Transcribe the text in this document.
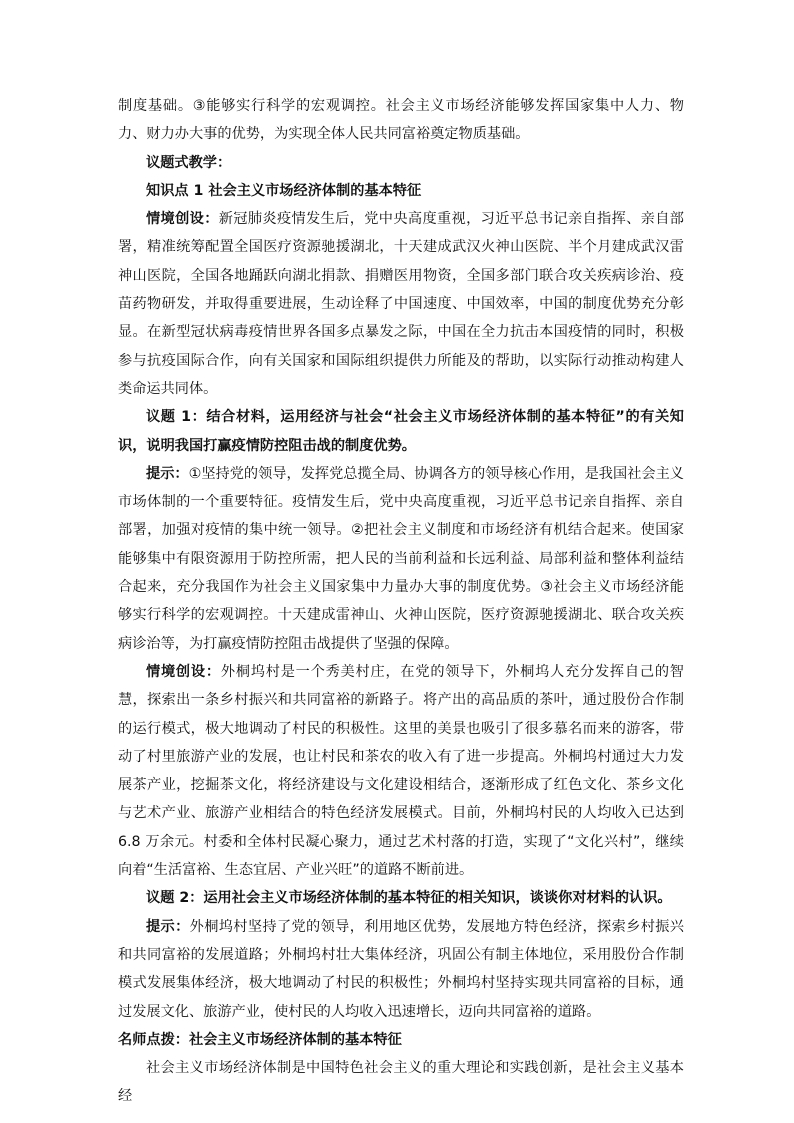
制度基础。③能够实行科学的宏观调控。社会主义市场经济能够发挥国家集中人力、物力、财力办大事的优势，为实现全体人民共同富裕奠定物质基础。

议题式教学：

知识点 1 社会主义市场经济体制的基本特征

情境创设：新冠肺炎疫情发生后，党中央高度重视，习近平总书记亲自指挥、亲自部署，精准统筹配置全国医疗资源驰援湖北，十天建成武汉火神山医院、半个月建成武汉雷神山医院，全国各地踊跃向湖北捐款、捐赠医用物资，全国多部门联合攻关疾病诊治、疫苗药物研发，并取得重要进展，生动诠释了中国速度、中国效率，中国的制度优势充分彰显。在新型冠状病毒疫情世界各国多点暴发之际，中国在全力抗击本国疫情的同时，积极参与抗疫国际合作，向有关国家和国际组织提供力所能及的帮助，以实际行动推动构建人类命运共同体。

议题 1：结合材料，运用经济与社会“社会主义市场经济体制的基本特征”的有关知识，说明我国打赢疫情防控阻击战的制度优势。

提示：①坚持党的领导，发挥党总揽全局、协调各方的领导核心作用，是我国社会主义市场体制的一个重要特征。疫情发生后，党中央高度重视，习近平总书记亲自指挥、亲自部署，加强对疫情的集中统一领导。②把社会主义制度和市场经济有机结合起来。使国家能够集中有限资源用于防控所需，把人民的当前利益和长远利益、局部利益和整体利益结合起来，充分我国作为社会主义国家集中力量办大事的制度优势。③社会主义市场经济能够实行科学的宏观调控。十天建成雷神山、火神山医院，医疗资源驰援湖北、联合攻关疾病诊治等，为打赢疫情防控阻击战提供了坚强的保障。

情境创设：外桐坞村是一个秀美村庄，在党的领导下，外桐坞人充分发挥自己的智慧，探索出一条乡村振兴和共同富裕的新路子。将产出的高品质的茶叶，通过股份合作制的运行模式，极大地调动了村民的积极性。这里的美景也吸引了很多慕名而来的游客，带动了村里旅游产业的发展，也让村民和茶农的收入有了进一步提高。外桐坞村通过大力发展茶产业，挖掘茶文化，将经济建设与文化建设相结合，逐渐形成了红色文化、茶乡文化与艺术产业、旅游产业相结合的特色经济发展模式。目前，外桐坞村民的人均收入已达到 6.8 万余元。村委和全体村民凝心聚力，通过艺术村落的打造，实现了“文化兴村”，继续向着“生活富裕、生态宜居、产业兴旺”的道路不断前进。

议题 2：运用社会主义市场经济体制的基本特征的相关知识，谈谈你对材料的认识。

提示：外桐坞村坚持了党的领导，利用地区优势，发展地方特色经济，探索乡村振兴和共同富裕的发展道路；外桐坞村壮大集体经济，巩固公有制主体地位，采用股份合作制模式发展集体经济，极大地调动了村民的积极性；外桐坞村坚持实现共同富裕的目标，通过发展文化、旅游产业，使村民的人均收入迅速增长，迈向共同富裕的道路。

名师点拨：社会主义市场经济体制的基本特征

社会主义市场经济体制是中国特色社会主义的重大理论和实践创新，是社会主义基本经
